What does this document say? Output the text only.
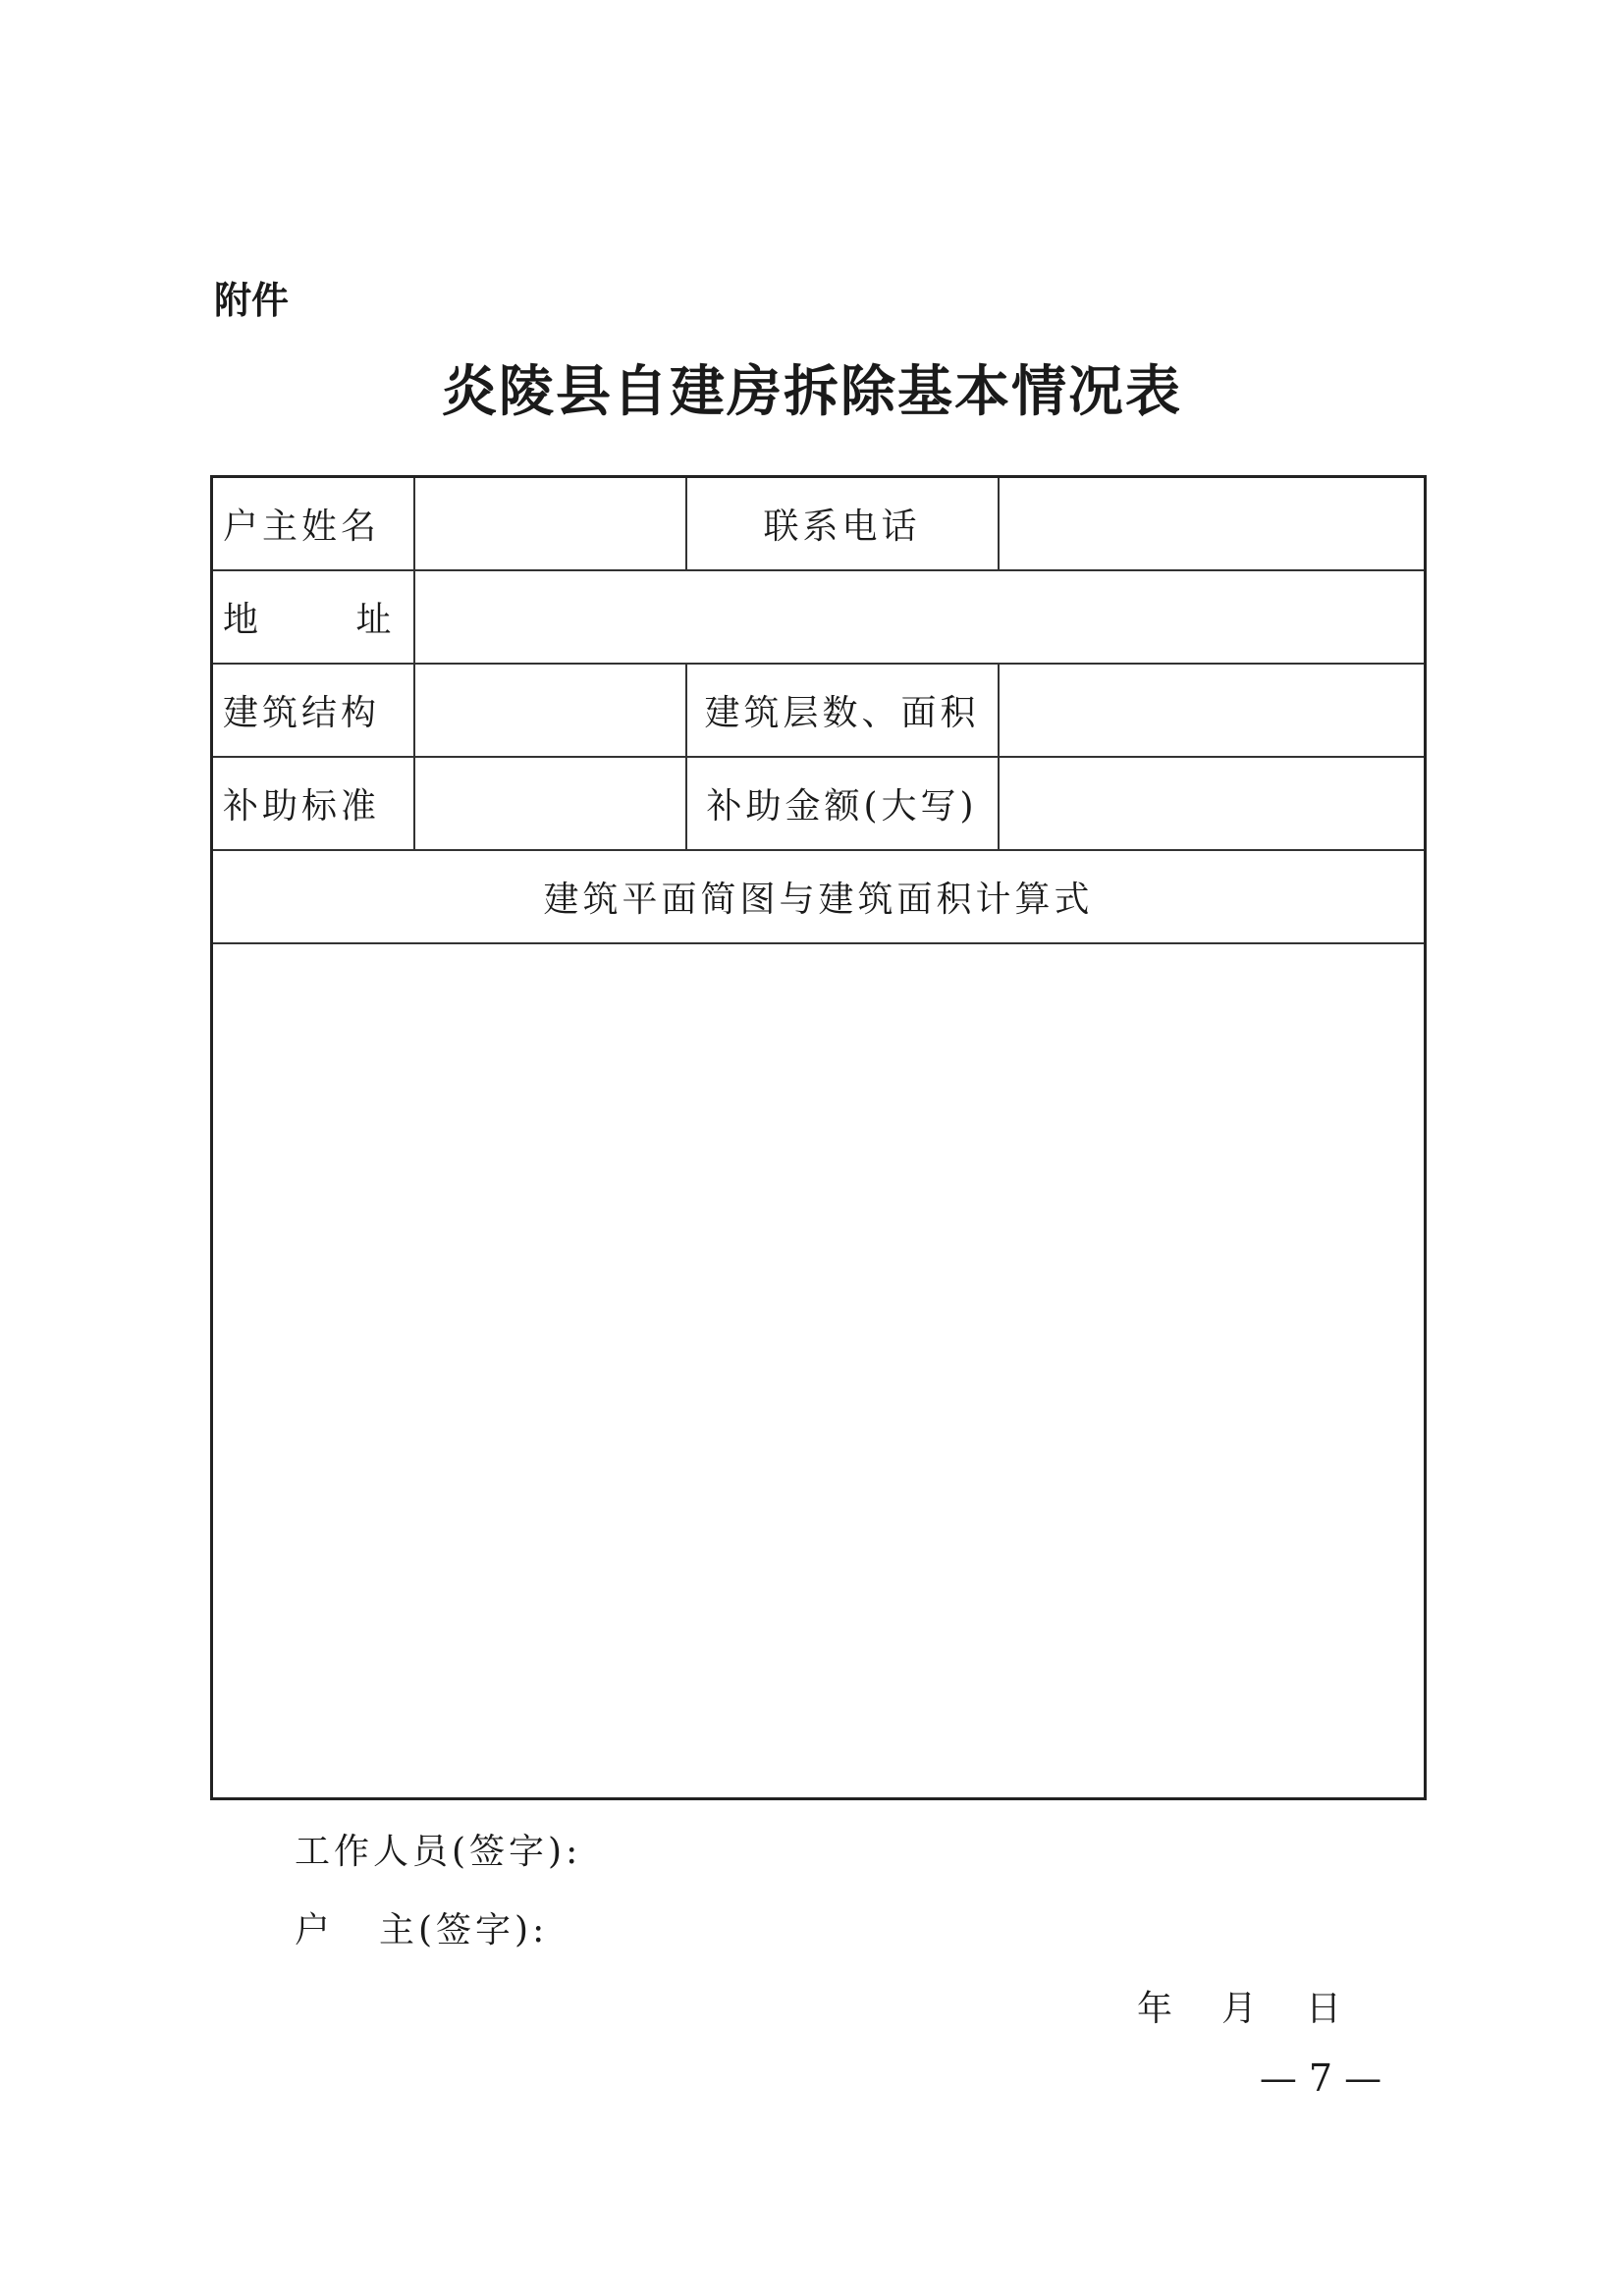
附件
炎陵县自建房拆除基本情况表
户主姓名		联系电话	

地 址			

建筑结构		建筑层数、面积	
补助标准		补助金额(大写)	
建筑平面简图与建筑面积计算式			

工作人员(签字):
户 主 (签字):
年	月	日
— 7 —
